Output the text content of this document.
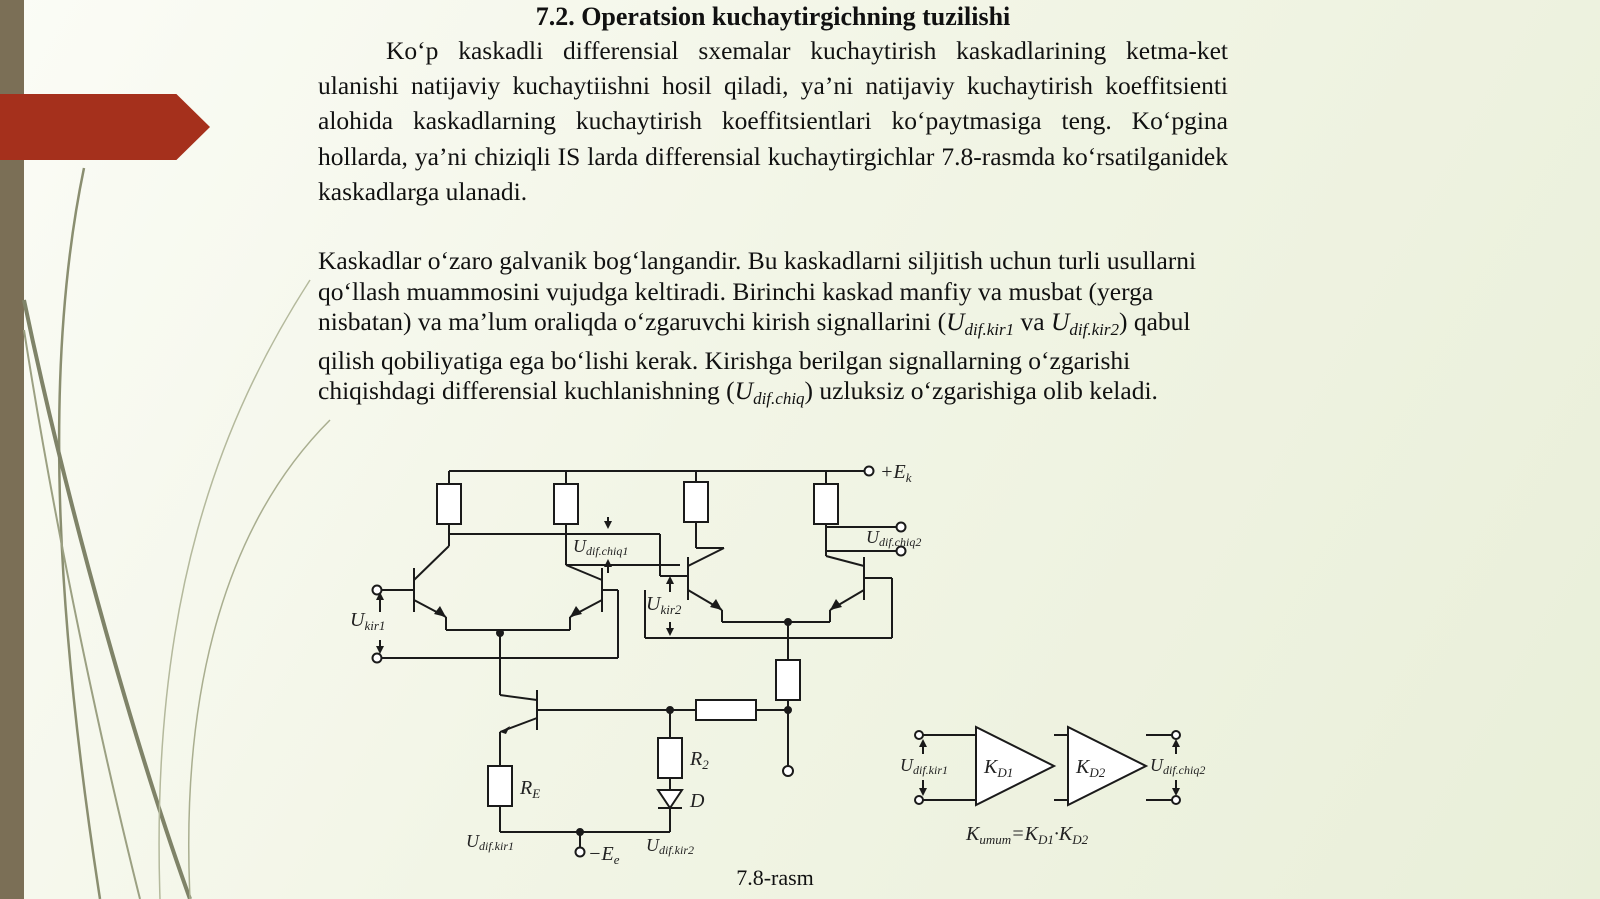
7.2. Operatsion kuchaytirgichning tuzilishi

Ko‘p kaskadli differensial sxemalar kuchaytirish kaskadlarining ketma-ket ulanishi natijaviy kuchaytiishni hosil qiladi, ya’ni natijaviy kuchaytirish koeffitsienti alohida kaskadlarning kuchaytirish koeffitsientlari ko‘paytmasiga teng. Ko‘pgina hollarda, ya’ni chiziqli IS larda differensial kuchaytirgichlar 7.8-rasmda ko‘rsatilganidek kaskadlarga ulanadi.

Kaskadlar o‘zaro galvanik bog‘langandir. Bu kaskadlarni siljitish uchun turli usullarni qo‘llash muammosini vujudga keltiradi. Birinchi kaskad manfiy va musbat (yerga nisbatan) va ma’lum oraliqda o‘zgaruvchi kirish signallarini (Udif.kir1 va Udif.kir2) qabul qilish qobiliyatiga ega bo‘lishi kerak. Kirishga berilgan signallarning o‘zgarishi chiqishdagi differensial kuchlanishning (Udif.chiq) uzluksiz o‘zgarishiga olib keladi.

$+E_k$
Udif.chiq2
Udif.chiq1
$U_{kir1}$
$U_{kir2}$
$R_2$
$R_E$	D
Udif.kir1	Udif.kir2
$-E_e$
Udif.kir1 $K_{D1}$	$K_{D2}$ Udif.chiq2
$K_{umum}=K_{D1}\cdot K_{D2}$

7.8-rasm
